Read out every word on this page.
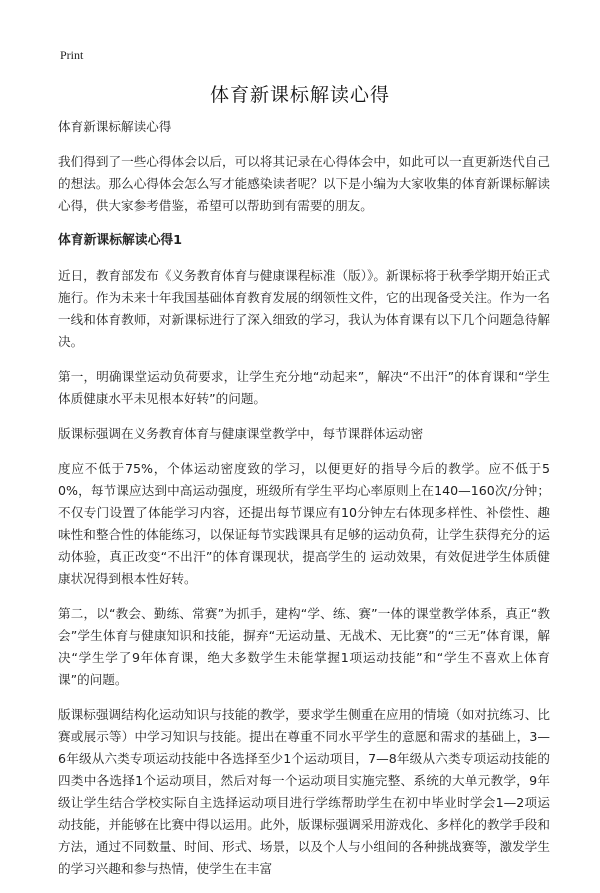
Print
体育新课标解读心得

体育新课标解读心得

我们得到了一些心得体会以后，可以将其记录在心得体会中，如此可以一直更新迭代自己的想法。那么心得体会怎么写才能感染读者呢？以下是小编为大家收集的体育新课标解读心得，供大家参考借鉴，希望可以帮助到有需要的朋友。

体育新课标解读心得1

近日，教育部发布《义务教育体育与健康课程标准（版）》。新课标将于秋季学期开始正式施行。作为未来十年我国基础体育教育发展的纲领性文件，它的出现备受关注。作为一名一线和体育教师，对新课标进行了深入细致的学习，我认为体育课有以下几个问题急待解决。

第一，明确课堂运动负荷要求，让学生充分地“动起来”，解决“不出汗”的体育课和“学生体质健康水平未见根本好转”的问题。

版课标强调在义务教育体育与健康课堂教学中，每节课群体运动密

度应不低于75%，个体运动密度致的学习，以便更好的指导今后的教学。应不低于50%，每节课应达到中高运动强度，班级所有学生平均心率原则上在140—160次/分钟；不仅专门设置了体能学习内容，还提出每节课应有10分钟左右体现多样性、补偿性、趣味性和整合性的体能练习，以保证每节实践课具有足够的运动负荷，让学生获得充分的运动体验，真正改变“不出汗”的体育课现状，提高学生的 运动效果，有效促进学生体质健康状况得到根本性好转。

第二，以“教会、勤练、常赛”为抓手，建构“学、练、赛”一体的课堂教学体系，真正“教会”学生体育与健康知识和技能，摒弃“无运动量、无战术、无比赛”的“三无”体育课，解决“学生学了9年体育课，绝大多数学生未能掌握1项运动技能”和“学生不喜欢上体育课”的问题。

版课标强调结构化运动知识与技能的教学，要求学生侧重在应用的情境（如对抗练习、比赛或展示等）中学习知识与技能。提出在尊重不同水平学生的意愿和需求的基础上，3—6年级从六类专项运动技能中各选择至少1个运动项目，7—8年级从六类专项运动技能的四类中各选择1个运动项目，然后对每一个运动项目实施完整、系统的大单元教学，9年级让学生结合学校实际自主选择运动项目进行学练帮助学生在初中毕业时学会1—2项运动技能，并能够在比赛中得以运用。此外，版课标强调采用游戏化、多样化的教学手段和方法，通过不同数量、时间、形式、场景，以及个人与小组间的各种挑战赛等，激发学生的学习兴趣和参与热情，使学生在丰富
